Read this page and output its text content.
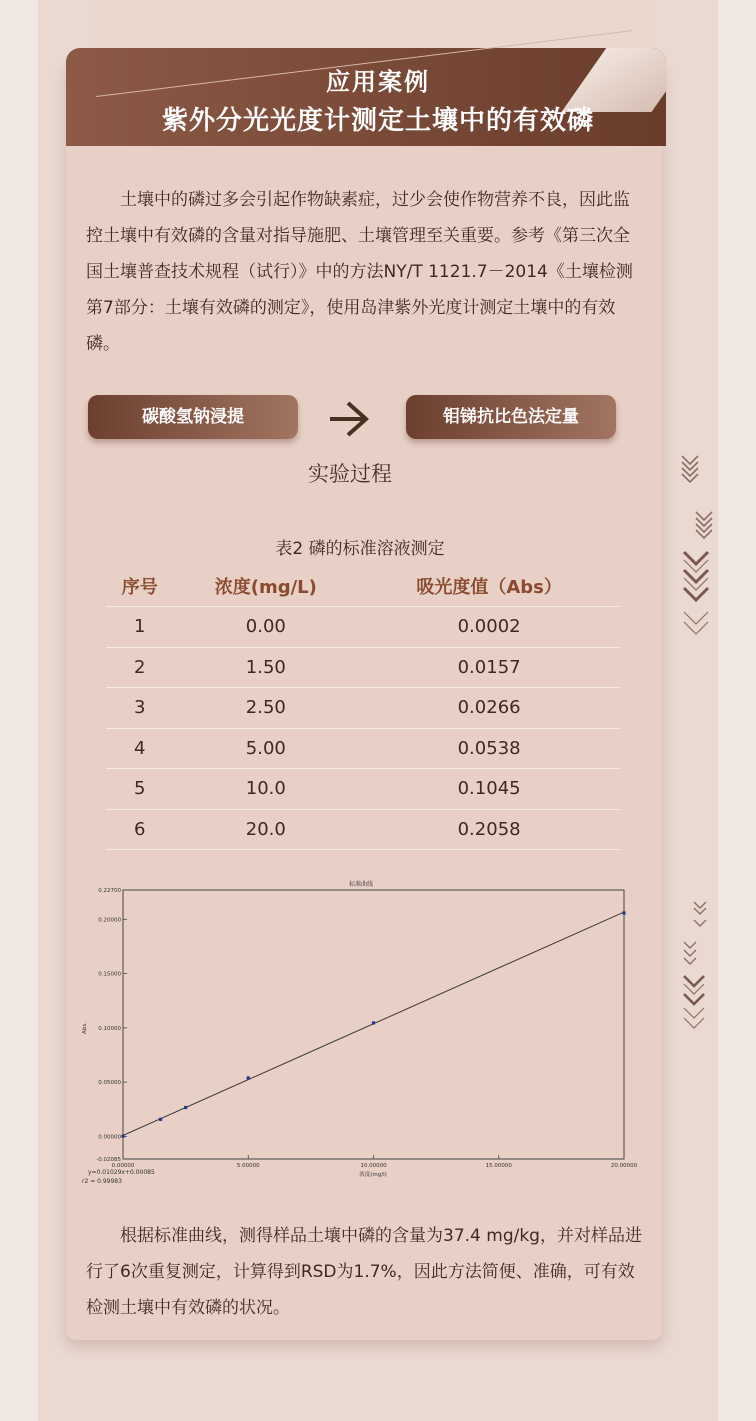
应用案例
紫外分光光度计测定土壤中的有效磷
土壤中的磷过多会引起作物缺素症，过少会使作物营养不良，因此监控土壤中有效磷的含量对指导施肥、土壤管理至关重要。参考《第三次全国土壤普查技术规程（试行）》中的方法NY/T 1121.7－2014《土壤检测 第7部分：土壤有效磷的测定》，使用岛津紫外光度计测定土壤中的有效磷。
碳酸氢钠浸提	钼锑抗比色法定量
实验过程
表2 磷的标准溶液测定
序号	浓度(mg/L)	吸光度值（Abs）
1	0.00	0.0002
2	1.50	0.0157
3	2.50	0.0266
4	5.00	0.0538
5	10.0	0.1045
6	20.0	0.2058
标准曲线
-0.02085
0.00000
0.05000
0.10000
0.15000
0.20000
0.22700
0.00000	5.00000	10.00000	15.00000	20.00000
Abs.
浓度(mg/l)
y=0.01029x+0.00085
r2 = 0.99983
根据标准曲线，测得样品土壤中磷的含量为37.4 mg/kg，并对样品进行了6次重复测定，计算得到RSD为1.7%，因此方法简便、准确，可有效检测土壤中有效磷的状况。
